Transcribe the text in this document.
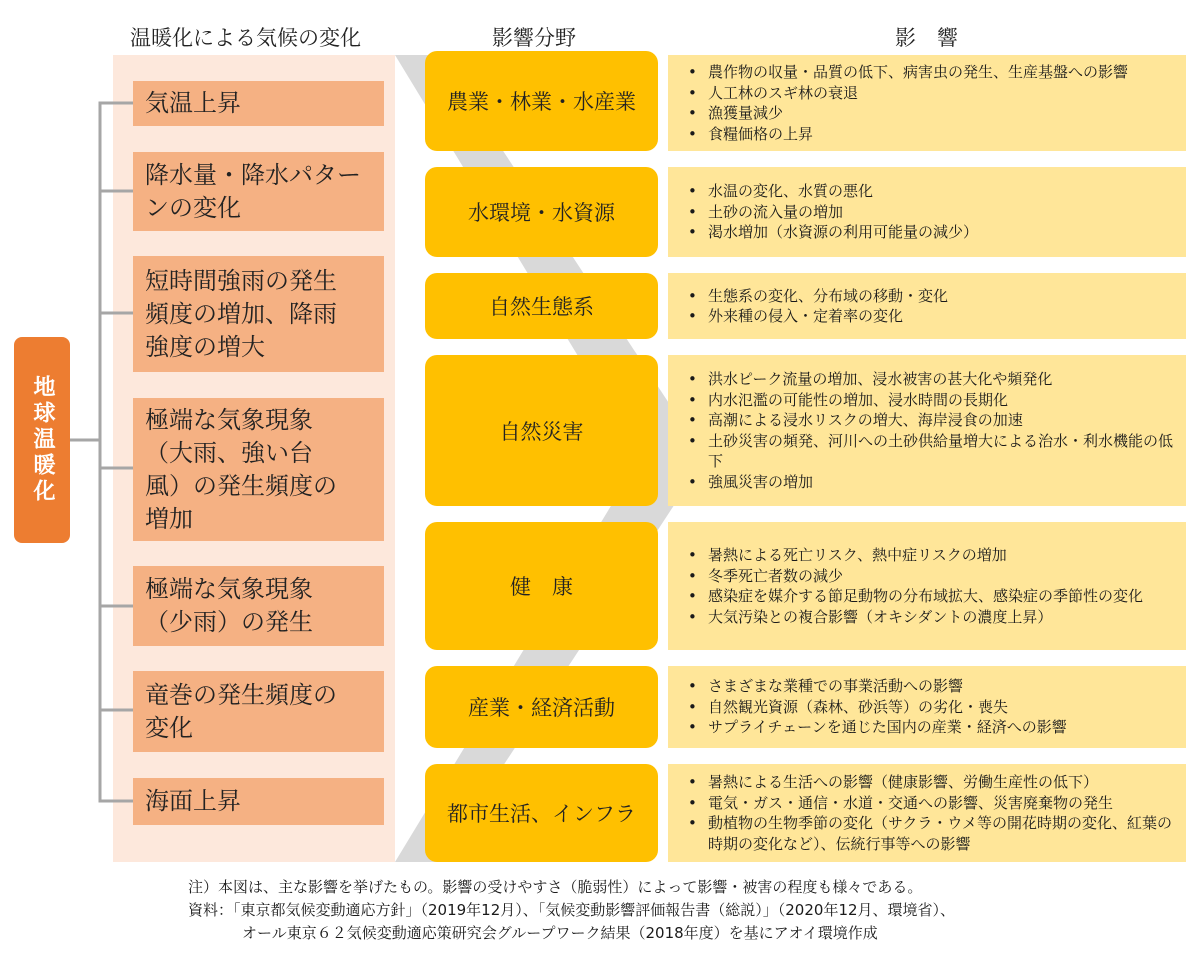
温暖化による気候の変化	影響分野	影　響
地球温暖化
気温上昇
降水量・降水パター
ンの変化
短時間強雨の発生
頻度の増加、降雨
強度の増大
極端な気象現象
（大雨、強い台
風）の発生頻度の
増加
極端な気象現象
（少雨）の発生
竜巻の発生頻度の
変化
海面上昇
農業・林業・水産業
水環境・水資源
自然生態系
自然災害
健　康
産業・経済活動
都市生活、インフラ
• 農作物の収量・品質の低下、病害虫の発生、生産基盤への影響
• 人工林のスギ林の衰退
• 漁獲量減少
• 食糧価格の上昇
• 水温の変化、水質の悪化
• 土砂の流入量の増加
• 渇水増加（水資源の利用可能量の減少）
• 生態系の変化、分布域の移動・変化
• 外来種の侵入・定着率の変化
• 洪水ピーク流量の増加、浸水被害の甚大化や頻発化
• 内水氾濫の可能性の増加、浸水時間の長期化
• 高潮による浸水リスクの増大、海岸浸食の加速
• 土砂災害の頻発、河川への土砂供給量増大による治水・利水機能の低下
• 強風災害の増加
• 暑熱による死亡リスク、熱中症リスクの増加
• 冬季死亡者数の減少
• 感染症を媒介する節足動物の分布域拡大、感染症の季節性の変化
• 大気汚染との複合影響（オキシダントの濃度上昇）
• さまざまな業種での事業活動への影響
• 自然観光資源（森林、砂浜等）の劣化・喪失
• サプライチェーンを通じた国内の産業・経済への影響
• 暑熱による生活への影響（健康影響、労働生産性の低下）
• 電気・ガス・通信・水道・交通への影響、災害廃棄物の発生
• 動植物の生物季節の変化（サクラ・ウメ等の開花時期の変化、紅葉の時期の変化など）、伝統行事等への影響
注）本図は、主な影響を挙げたもの。影響の受けやすさ（脆弱性）によって影響・被害の程度も様々である。
資料：「東京都気候変動適応方針」（2019年12月）、「気候変動影響評価報告書（総説）」（2020年12月、環境省）、
オール東京６２気候変動適応策研究会グループワーク結果（2018年度）を基にアオイ環境作成
